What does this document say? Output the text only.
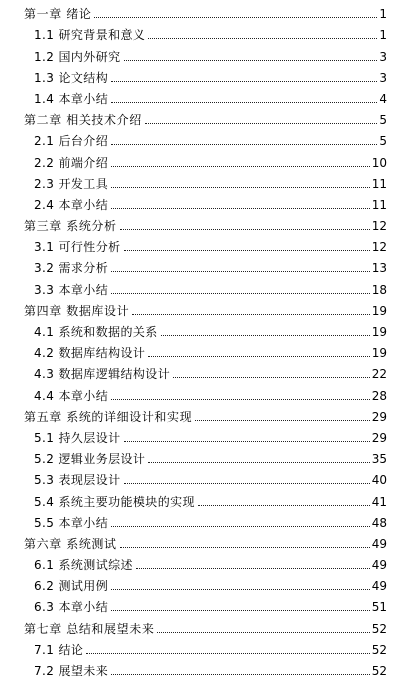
第一章 绪论	1
1.1 研究背景和意义	1
1.2 国内外研究	3
1.3 论文结构	3
1.4 本章小结	4
第二章 相关技术介绍	5
2.1 后台介绍	5
2.2 前端介绍	10
2.3 开发工具	11
2.4 本章小结	11
第三章 系统分析	12
3.1 可行性分析	12
3.2 需求分析	13
3.3 本章小结	18
第四章 数据库设计	19
4.1 系统和数据的关系	19
4.2 数据库结构设计	19
4.3 数据库逻辑结构设计	22
4.4 本章小结	28
第五章 系统的详细设计和实现	29
5.1 持久层设计	29
5.2 逻辑业务层设计	35
5.3 表现层设计	40
5.4 系统主要功能模块的实现	41
5.5 本章小结	48
第六章 系统测试	49
6.1 系统测试综述	49
6.2 测试用例	49
6.3 本章小结	51
第七章 总结和展望未来	52
7.1 结论	52
7.2 展望未来	52
